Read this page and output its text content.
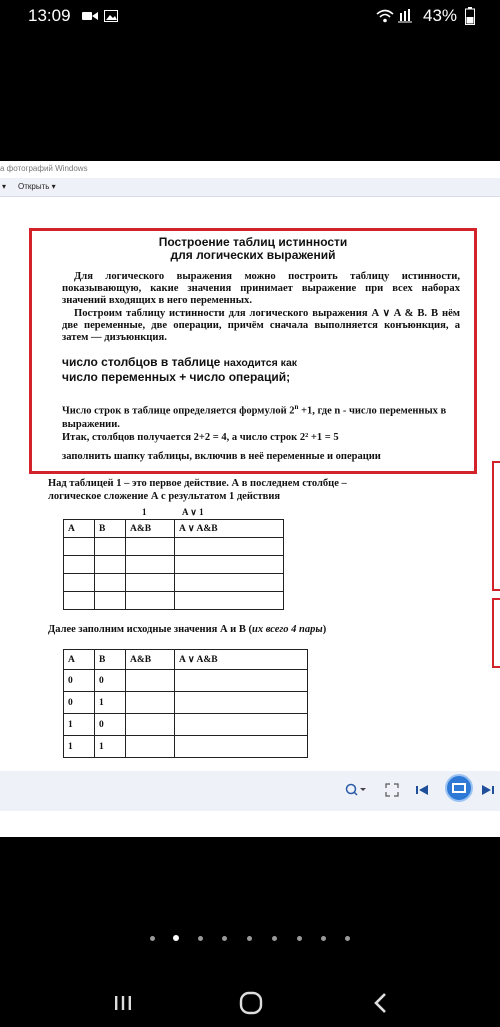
13:09	43%
а фотографий Windows
▾ Открыть ▾
Построение таблиц истинности
для логических выражений

Для логического выражения можно построить таблицу истинности, показывающую, какие значения принимает выражение при всех наборах значений входящих в него переменных.

Построим таблицу истинности для логического выражения A ∨ A & B. В нём две переменные, две операции, причём сначала выполняется конъюнкция, а затем — дизъюнкция.

число столбцов в таблице находится как
число переменных + число операций;
Число строк в таблице определяется формулой $2^n +1$, где n - число переменных в выражении.
Итак, столбцов получается 2+2 = 4, а число строк 2² +1 = 5
заполнить шапку таблицы, включив в неё переменные и операции
Над таблицей 1 – это первое действие. А в последнем столбце –
логическое сложение А с результатом 1 действия
1	A ∨ 1
A	B	A&B	A ∨ A&B

Далее заполним исходные значения А и В (их всего 4 пары)
A	B	A&B	A ∨ A&B
0	0		
0	1		
1	0		
1	1		
